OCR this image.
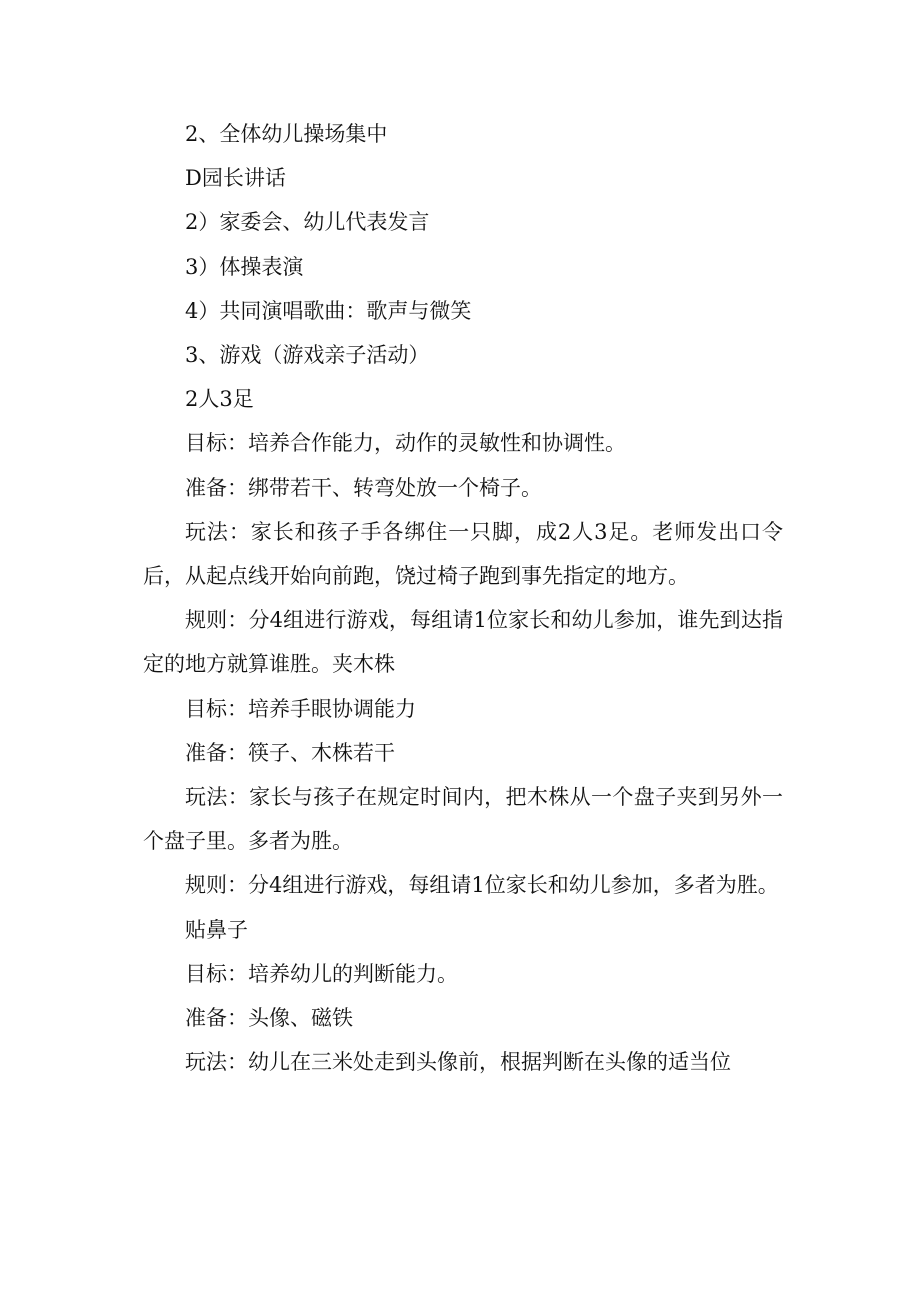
2、全体幼儿操场集中

D园长讲话

2）家委会、幼儿代表发言

3）体操表演

4）共同演唱歌曲：歌声与微笑

3、游戏（游戏亲子活动）

2人3足

目标：培养合作能力，动作的灵敏性和协调性。

准备：绑带若干、转弯处放一个椅子。

玩法：家长和孩子手各绑住一只脚，成2人3足。老师发出口令后，从起点线开始向前跑，饶过椅子跑到事先指定的地方。

规则：分4组进行游戏，每组请1位家长和幼儿参加，谁先到达指定的地方就算谁胜。夹木株

目标：培养手眼协调能力

准备：筷子、木株若干

玩法：家长与孩子在规定时间内，把木株从一个盘子夹到另外一个盘子里。多者为胜。

规则：分4组进行游戏，每组请1位家长和幼儿参加，多者为胜。

贴鼻子

目标：培养幼儿的判断能力。

准备：头像、磁铁

玩法：幼儿在三米处走到头像前，根据判断在头像的适当位
